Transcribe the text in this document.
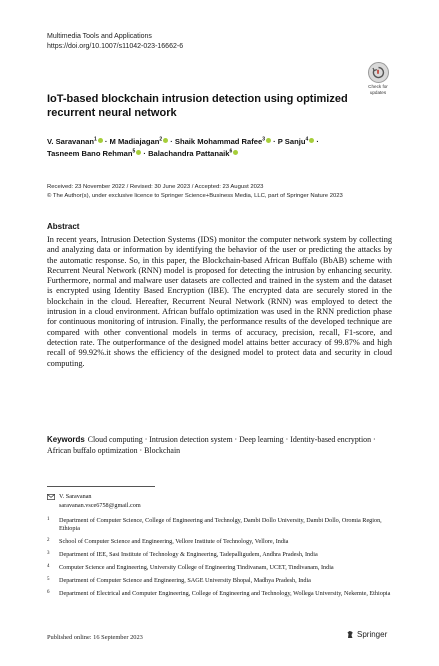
Multimedia Tools and Applications
https://doi.org/10.1007/s11042-023-16662-6
Check for
updates
IoT-based blockchain intrusion detection using optimized
recurrent neural network
V. Saravanan$^1$ · M Madiajagan$^2$ · Shaik Mohammad Rafee$^3$ · P Sanju$^4$ ·
Tasneem Bano Rehman$^5$ · Balachandra Pattanaik$^6$
Received: 23 November 2022 / Revised: 30 June 2023 / Accepted: 23 August 2023
© The Author(s), under exclusive licence to Springer Science+Business Media, LLC, part of Springer Nature 2023
Abstract
In recent years, Intrusion Detection Systems (IDS) monitor the computer network system by collecting and analyzing data or information by identifying the behavior of the user or predicting the attacks by the automatic response. So, in this paper, the Blockchain-based African Buffalo (BbAB) scheme with Recurrent Neural Network (RNN) model is proposed for detecting the intrusion by enhancing security. Furthermore, normal and malware user datasets are collected and trained in the system and the dataset is encrypted using Identity Based Encryption (IBE). The encrypted data are securely stored in the blockchain in the cloud. Hereafter, Recurrent Neural Network (RNN) was employed to detect the intrusion in a cloud environment. African buffalo optimization was used in the RNN prediction phase for continuous monitoring of intrusion. Finally, the performance results of the developed technique are compared with other conventional models in terms of accuracy, precision, recall, F1-score, and detection rate. The outperformance of the designed model attains better accuracy of 99.87% and high recall of 99.92%.it shows the efficiency of the designed model to protect data and security in cloud computing.
Keywords Cloud computing · Intrusion detection system · Deep learning · Identity-based encryption · African buffalo optimization · Blockchain
V. Saravanan
saravanan.vsce6758@gmail.com
1 Department of Computer Science, College of Engineering and Technolgy, Dambi Dollo University, Dambi Dollo, Oromia Region, Ethiopia
2 School of Computer Science and Engineering, Vellore Institute of Technology, Vellore, India
3 Department of IEE, Sasi Institute of Technology & Engineering, Tadepalligudem, Andhra Pradesh, India
4 Computer Science and Engineering, University College of Engineering Tindivanam, UCET, Tindivanam, India
5 Department of Computer Science and Engineering, SAGE University Bhopal, Madhya Pradesh, India
6 Department of Electrical and Computer Engineering, College of Engineering and Technology, Wollega University, Nekemte, Ethiopia
Published online: 16 September 2023	Springer
